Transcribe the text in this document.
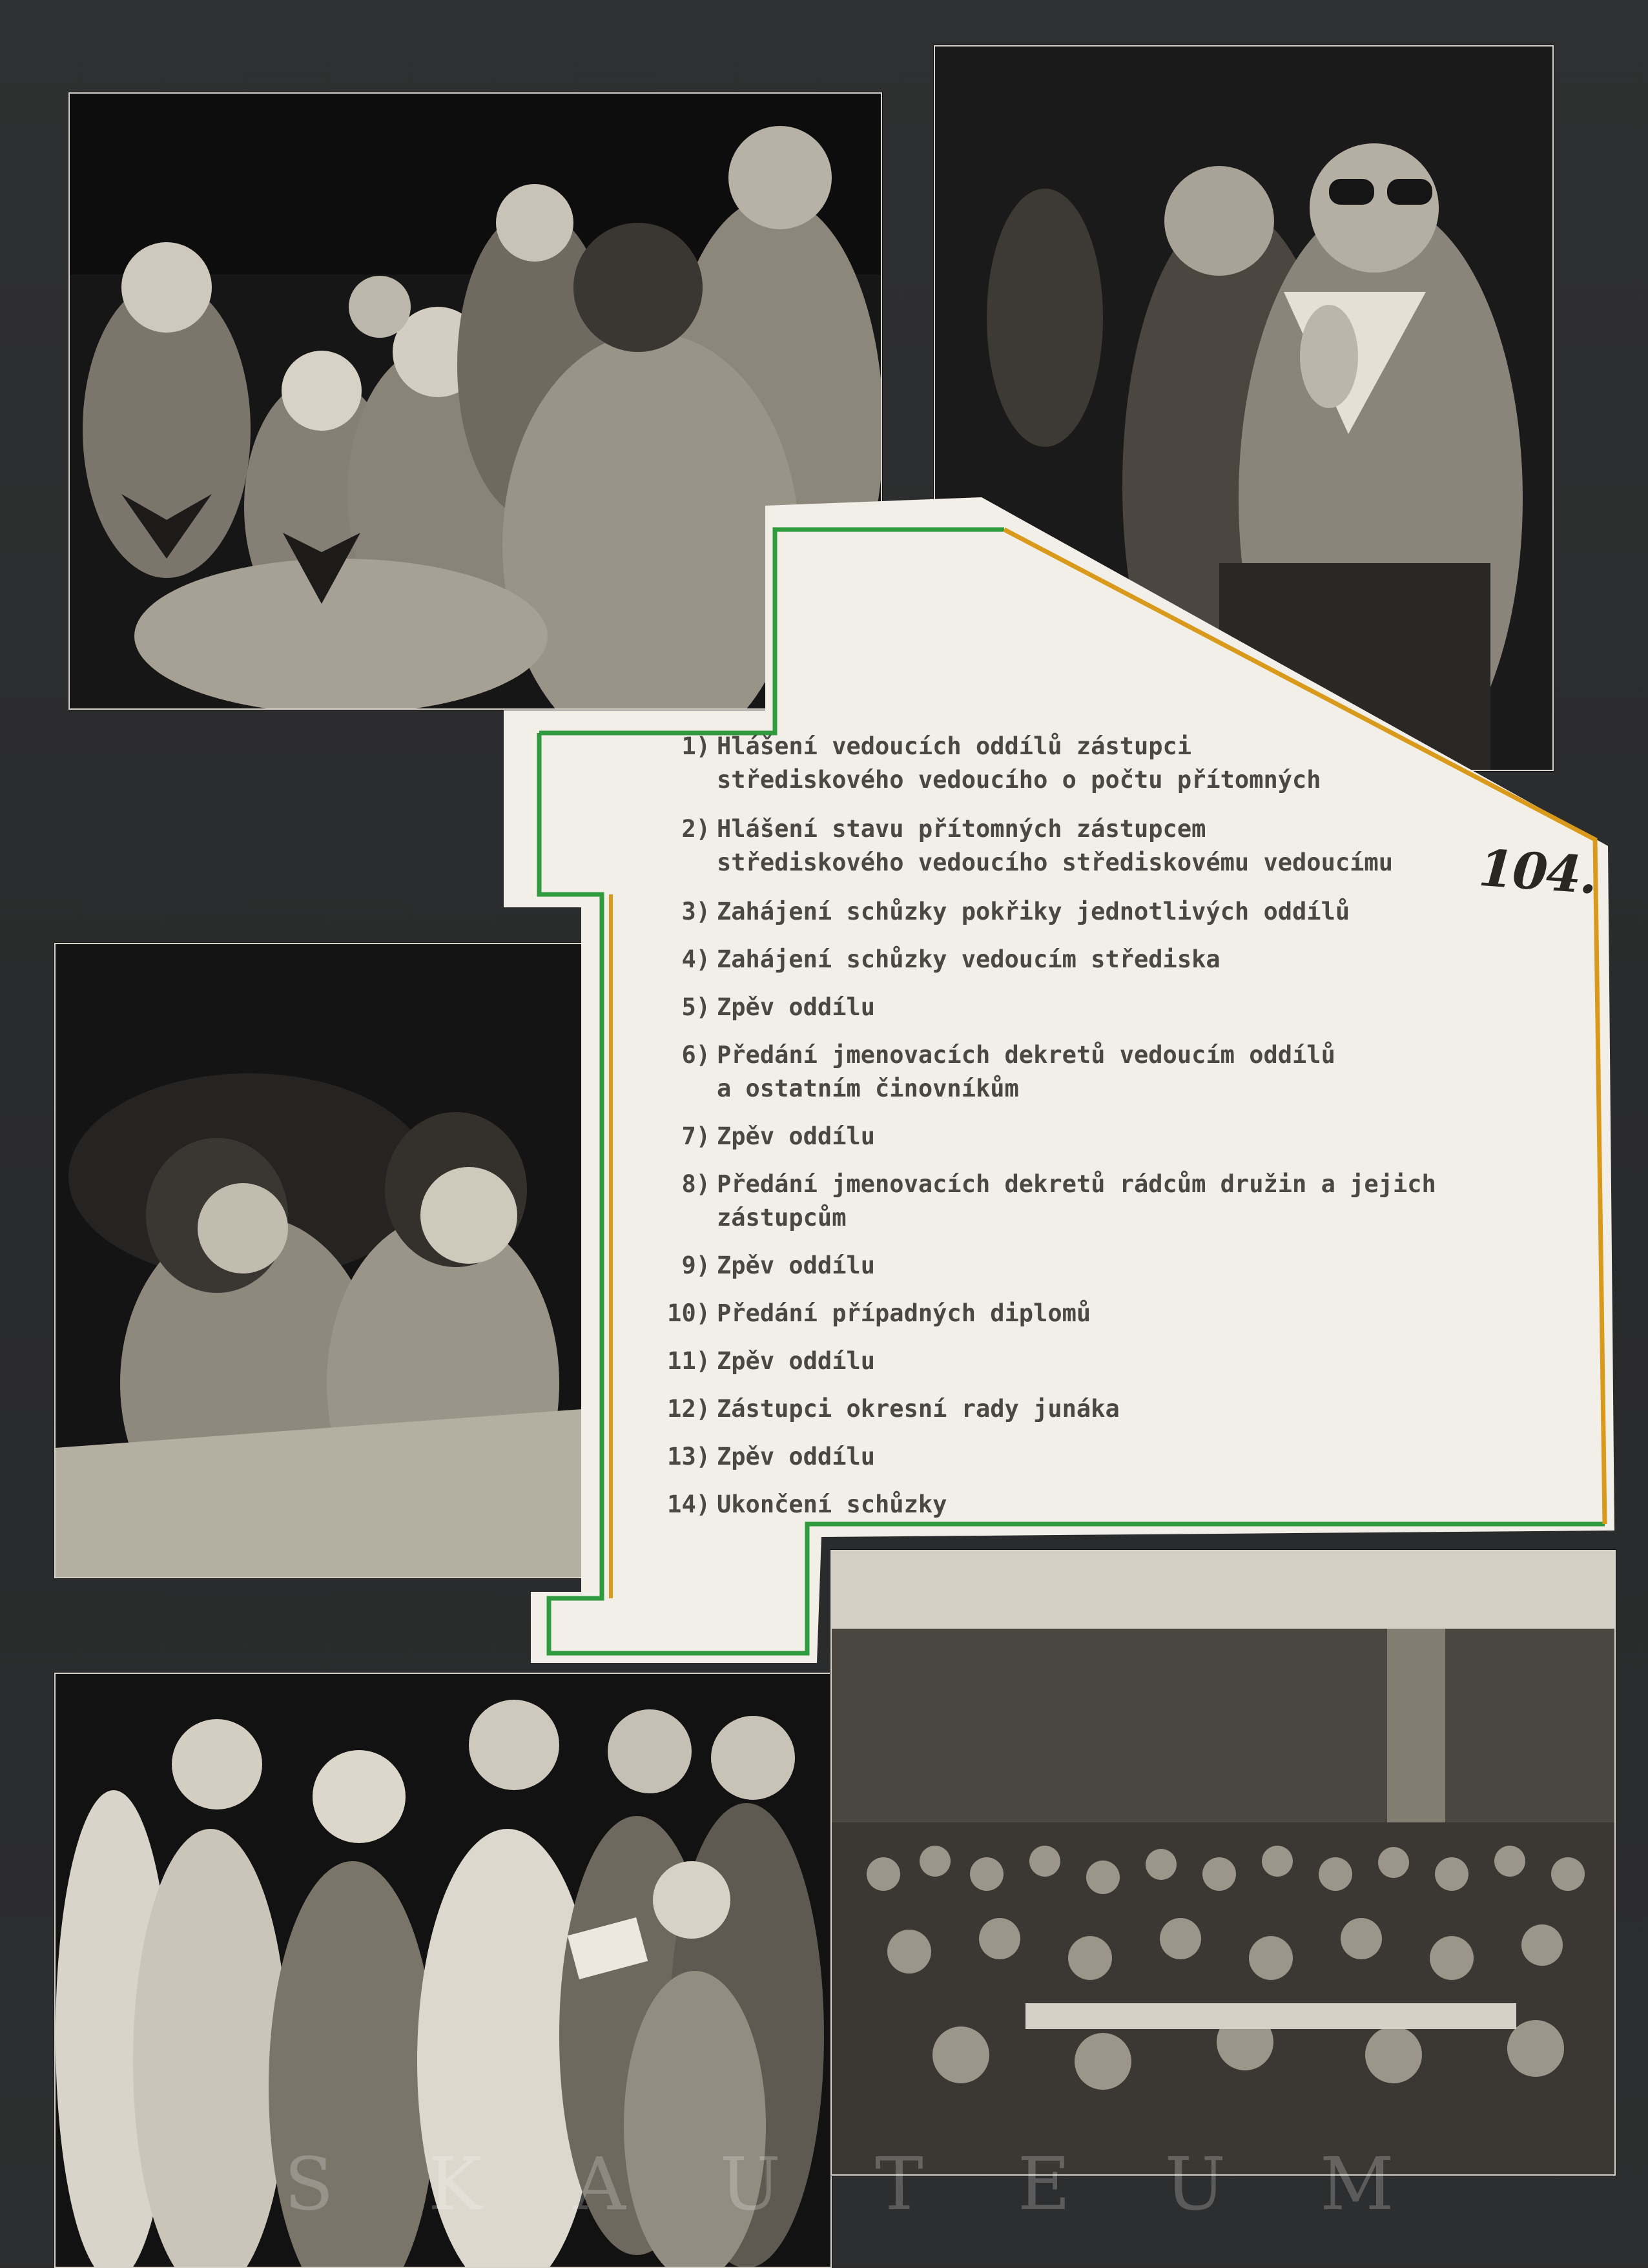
1) Hlášení vedoucích oddílů zástupci
střediskového vedoucího o počtu přítomných
2) Hlášení stavu přítomných zástupcem
střediskového vedoucího střediskovému vedoucímu
3) Zahájení schůzky pokřiky jednotlivých oddílů
4) Zahájení schůzky vedoucím střediska
5) Zpěv oddílu
6) Předání jmenovacích dekretů vedoucím oddílů
a ostatním činovníkům
7) Zpěv oddílu
8) Předání jmenovacích dekretů rádcům družin a jejich
zástupcům
9) Zpěv oddílu
10) Předání případných diplomů
11) Zpěv oddílu
12) Zástupci okresní rady junáka
13) Zpěv oddílu
14) Ukončení schůzky
104.
SKAUTEUM
